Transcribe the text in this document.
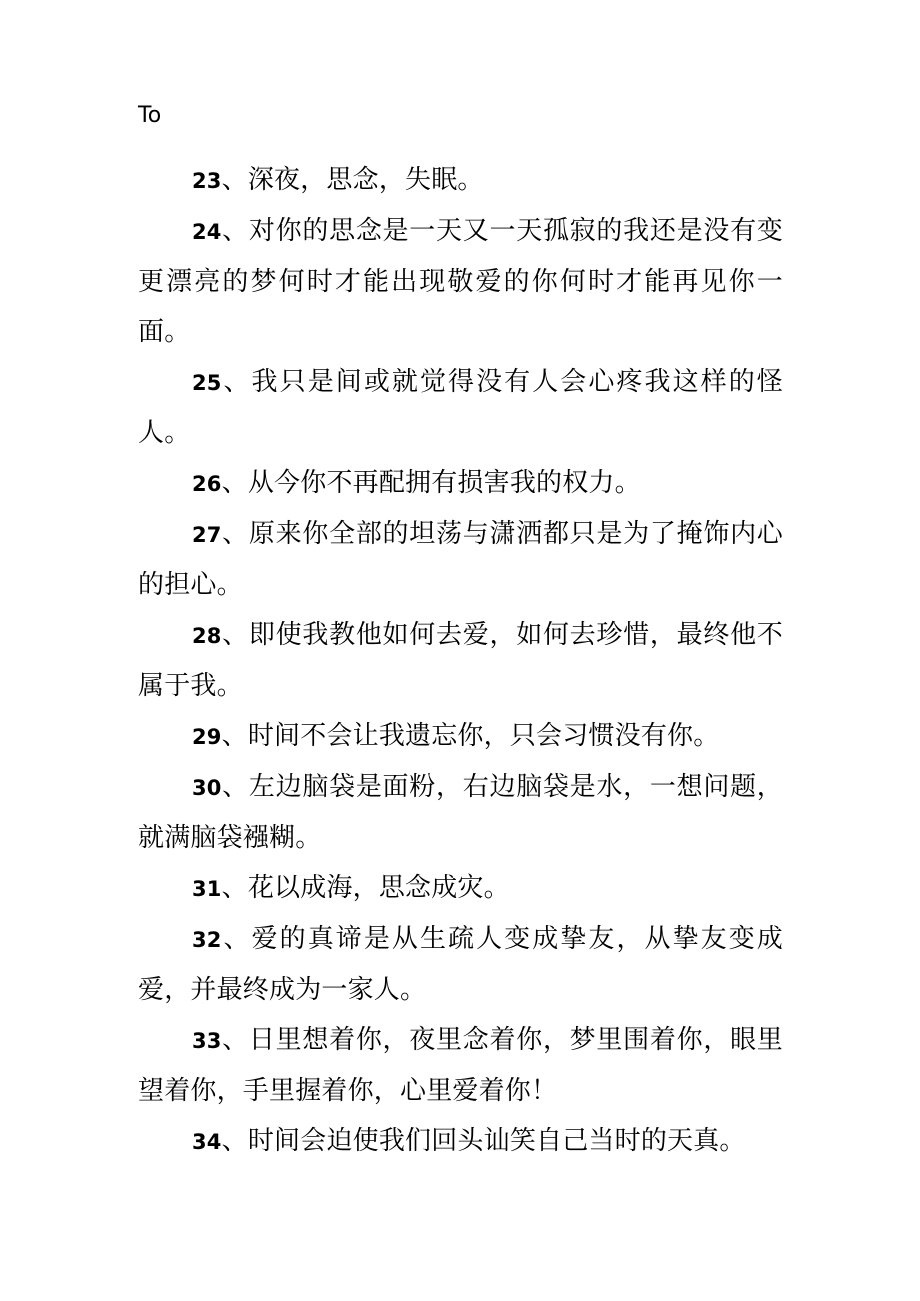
To

23、深夜，思念，失眠。

24、对你的思念是一天又一天孤寂的我还是没有变更漂亮的梦何时才能出现敬爱的你何时才能再见你一面。

25、我只是间或就觉得没有人会心疼我这样的怪人。

26、从今你不再配拥有损害我的权力。

27、原来你全部的坦荡与潇洒都只是为了掩饰内心的担心。

28、即使我教他如何去爱，如何去珍惜，最终他不属于我。

29、时间不会让我遗忘你，只会习惯没有你。

30、左边脑袋是面粉，右边脑袋是水，一想问题，就满脑袋襁糊。

31、花以成海，思念成灾。

32、爱的真谛是从生疏人变成挚友，从挚友变成爱，并最终成为一家人。

33、日里想着你，夜里念着你，梦里围着你，眼里望着你，手里握着你，心里爱着你！

34、时间会迫使我们回头讪笑自己当时的天真。
